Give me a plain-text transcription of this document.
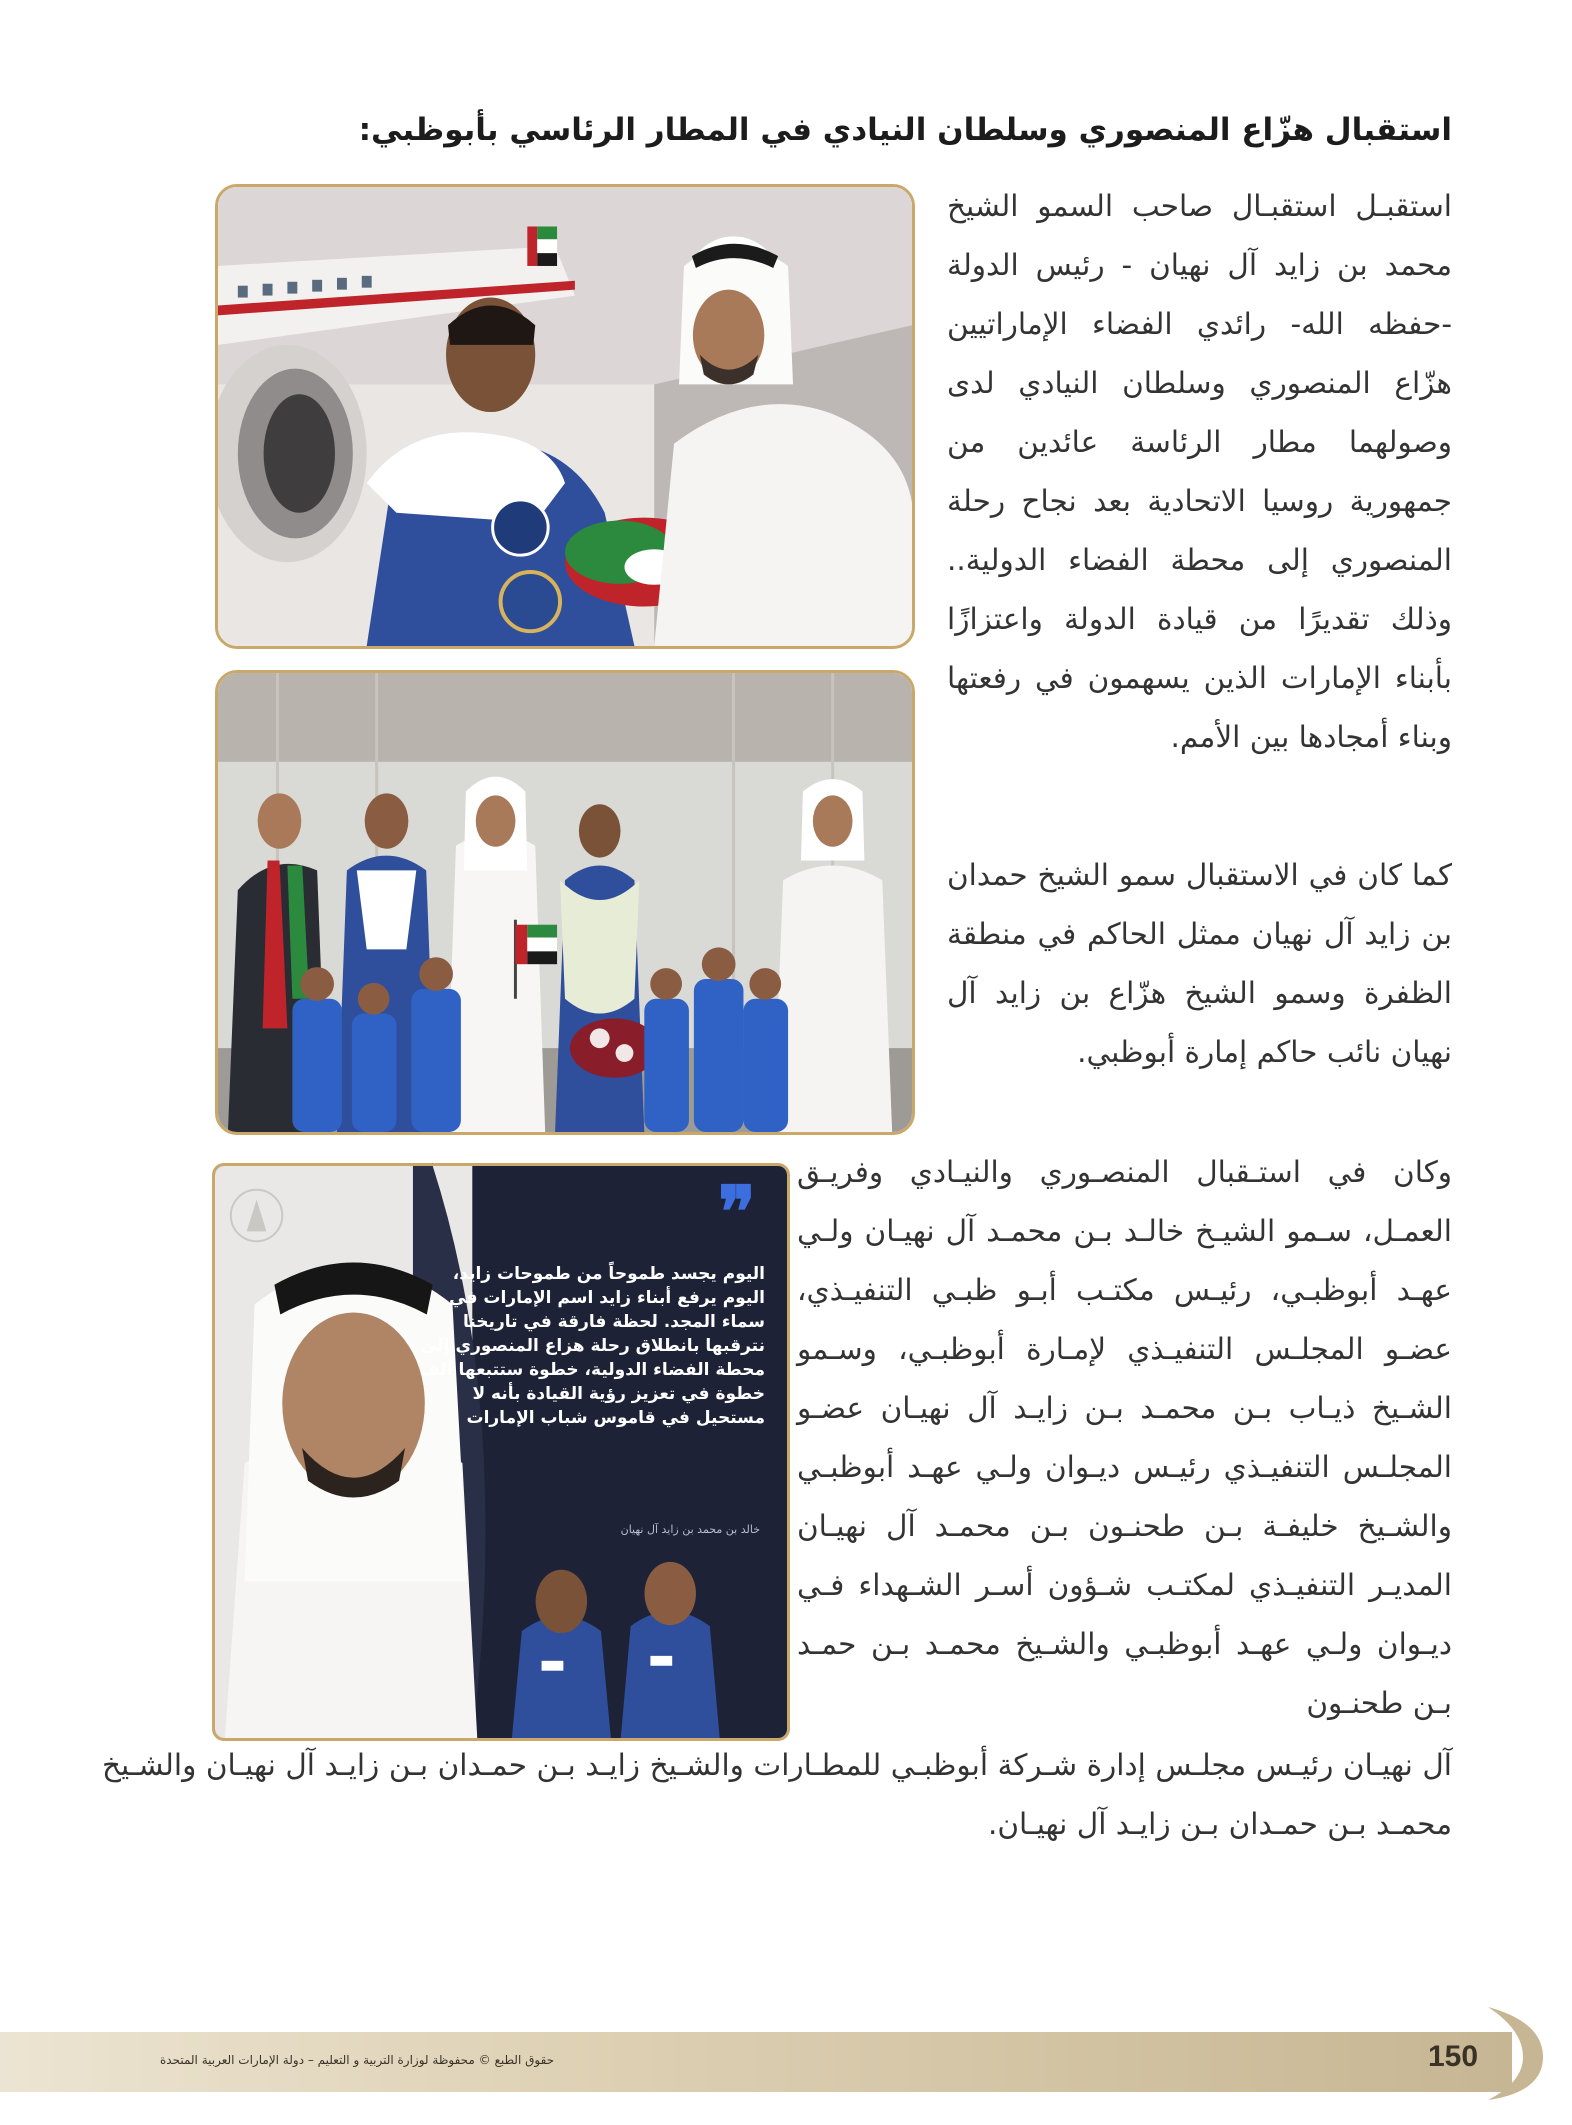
استقبال هزّاع المنصوري وسلطان النيادي في المطار الرئاسي بأبوظبي:

استقبـل استقبـال صاحب السمو الشيخ محمد بن زايد آل نهيان - رئيس الدولة -حفظه الله- رائدي الفضاء الإماراتيين هزّاع المنصوري وسلطان النيادي لدى وصولهما مطار الرئاسة عائدين من جمهورية روسيا الاتحادية بعد نجاح رحلة المنصوري إلى محطة الفضاء الدولية.. وذلك تقديرًا من قيادة الدولة واعتزازًا بأبناء الإمارات الذين يسهمون في رفعتها وبناء أمجادها بين الأمم.

كما كان في الاستقبال سمو الشيخ حمدان بن زايد آل نهيان ممثل الحاكم في منطقة الظفرة وسمو الشيخ هزّاع بن زايد آل نهيان نائب حاكم إمارة أبوظبي.

وكان في استـقبال المنصـوري والنيـادي وفريـق العمـل، سـمو الشيـخ خالـد بـن محمـد آل نهيـان ولـي عهـد أبوظبـي، رئيـس مكتـب أبـو ظبـي التنفيـذي، عضـو المجلـس التنفيـذي لإمـارة أبوظبـي، وسـمو الشـيخ ذيـاب بـن محمـد بـن زايـد آل نهيـان عضـو المجلـس التنفيـذي رئيـس ديـوان ولـي عهـد أبوظبـي والشـيخ خليفـة بـن طحنـون بـن محمـد آل نهيـان المديـر التنفيـذي لمكتـب شـؤون أسـر الشـهداء فـي ديـوان ولـي عهـد أبوظبـي والشـيخ محمـد بـن حمـد بـن طحنـون

آل نهيـان رئيـس مجلـس إدارة شـركة أبوظبـي للمطـارات والشـيخ زايـد بـن حمـدان بـن زايـد آل نهيـان والشـيخ محمـد بـن حمـدان بـن زايـد آل نهيـان.

❞

اليوم يجسد طموحاً من طموحات زايد، اليوم يرفع أبناء زايد اسم الإمارات في سماء المجد. لحظة فارقة في تاريخنا نترقبها بانطلاق رحلة هزاع المنصوري إلى محطة الفضاء الدولية، خطوة ستتبعها ألف خطوة في تعزيز رؤية القيادة بأنه لا مستحيل في قاموس شباب الإمارات

خالد بن محمد بن زايد آل نهيان

150

حقوق الطبع © محفوظة لوزارة التربية و التعليم – دولة الإمارات العربية المتحدة
